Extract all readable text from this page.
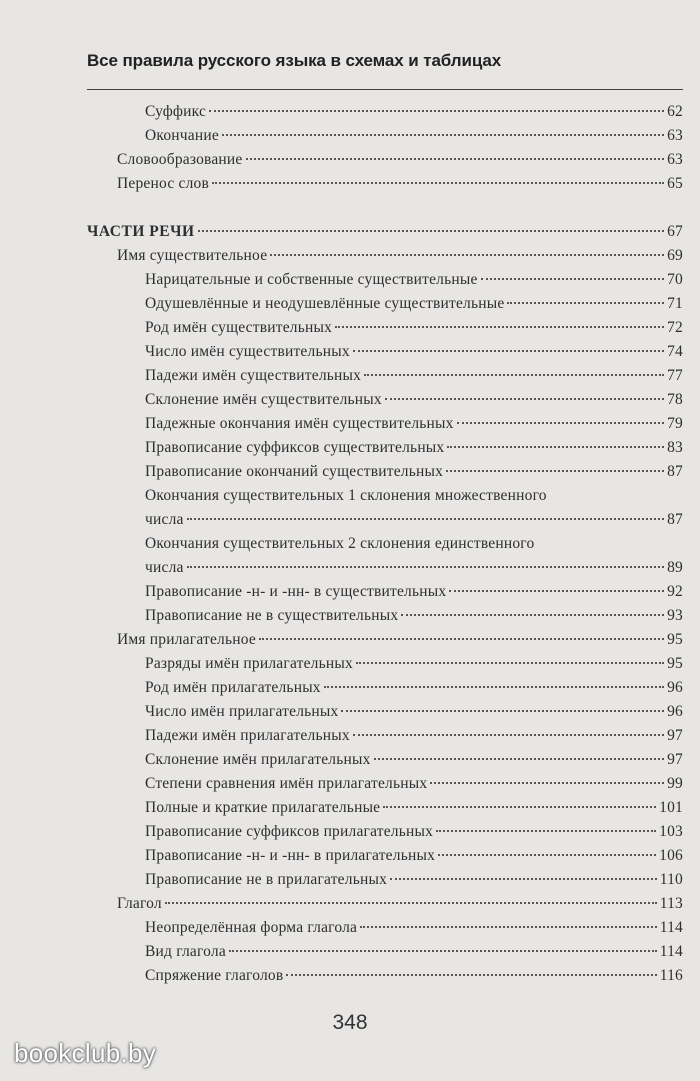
Все правила русского языка в схемах и таблицах
Суффикс	62
Окончание	63
Словообразование	63
Перенос слов	65
ЧАСТИ РЕЧИ	67
Имя существительное	69
Нарицательные и собственные существительные	70
Одушевлённые и неодушевлённые существительные	71
Род имён существительных	72
Число имён существительных	74
Падежи имён существительных	77
Склонение имён существительных	78
Падежные окончания имён существительных	79
Правописание суффиксов существительных	83
Правописание окончаний существительных	87
Окончания существительных 1 склонения множественного
числа	87
Окончания существительных 2 склонения единственного
числа	89
Правописание -н- и -нн- в существительных	92
Правописание не в существительных	93
Имя прилагательное	95
Разряды имён прилагательных	95
Род имён прилагательных	96
Число имён прилагательных	96
Падежи имён прилагательных	97
Склонение имён прилагательных	97
Степени сравнения имён прилагательных	99
Полные и краткие прилагательные	101
Правописание суффиксов прилагательных	103
Правописание -н- и -нн- в прилагательных	106
Правописание не в прилагательных	110
Глагол	113
Неопределённая форма глагола	114
Вид глагола	114
Спряжение глаголов	116
348
bookclub.by
